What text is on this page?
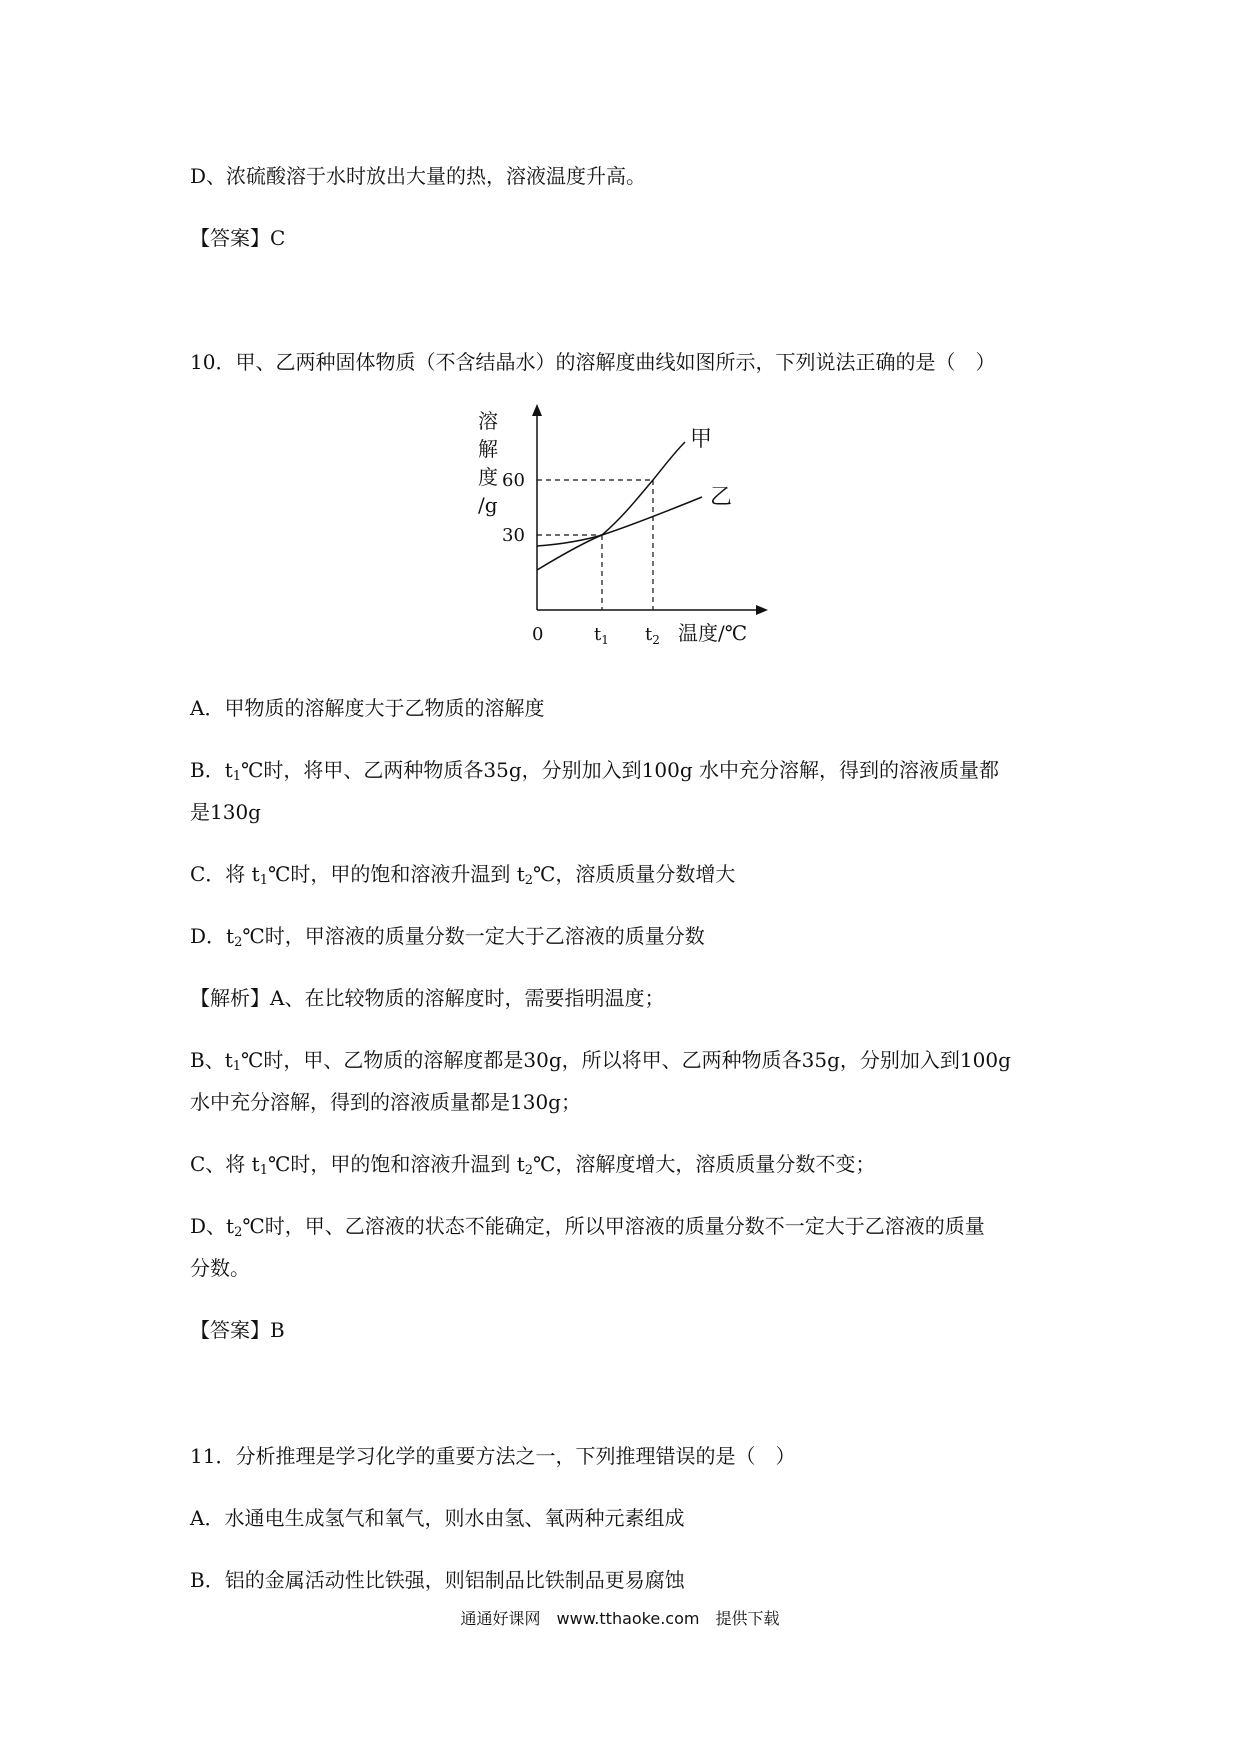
D、浓硫酸溶于水时放出大量的热，溶液温度升高。
【答案】C
10．甲、乙两种固体物质（不含结晶水）的溶解度曲线如图所示，下列说法正确的是（　）
溶
解
度
/g
60
30
甲
乙
0	$t_1$ $t_2$ 温度/℃
A．甲物质的溶解度大于乙物质的溶解度
B．$t_1℃$时，将甲、乙两种物质各35g，分别加入到100g 水中充分溶解，得到的溶液质量都
是130g
C．将 $t_1℃$时，甲的饱和溶液升温到 $t_2℃$，溶质质量分数增大
D．$t_2℃$时，甲溶液的质量分数一定大于乙溶液的质量分数
【解析】A、在比较物质的溶解度时，需要指明温度；
B、$t_1℃$时，甲、乙物质的溶解度都是30g，所以将甲、乙两种物质各35g，分别加入到100g
水中充分溶解，得到的溶液质量都是130g；
C、将 $t_1℃$时，甲的饱和溶液升温到 $t_2℃$，溶解度增大，溶质质量分数不变；
D、$t_2℃$时，甲、乙溶液的状态不能确定，所以甲溶液的质量分数不一定大于乙溶液的质量
分数。
【答案】B
11．分析推理是学习化学的重要方法之一，下列推理错误的是（　）
A．水通电生成氢气和氧气，则水由氢、氧两种元素组成
B．铝的金属活动性比铁强，则铝制品比铁制品更易腐蚀
通通好课网　www.tthaoke.com　提供下载
